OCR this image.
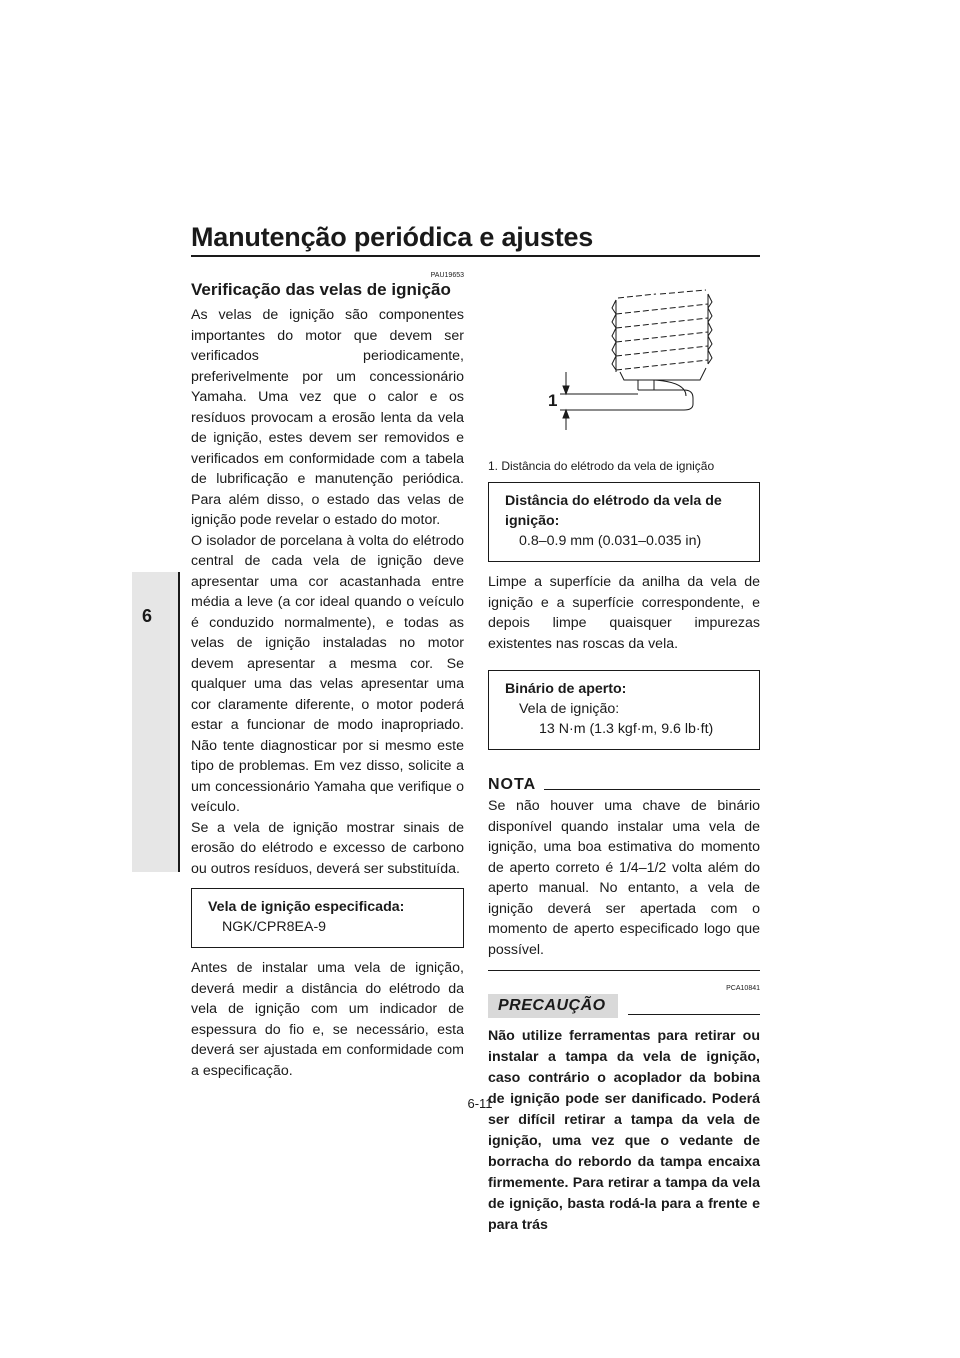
Manutenção periódica e ajustes
6

PAU19653

Verificação das velas de ignição

As velas de ignição são componentes importantes do motor que devem ser verificados periodicamente, preferivelmente por um concessionário Yamaha. Uma vez que o calor e os resíduos provocam a erosão lenta da vela de ignição, estes devem ser removidos e verificados em conformidade com a tabela de lubrificação e manutenção periódica. Para além disso, o estado das velas de ignição pode revelar o estado do motor.

O isolador de porcelana à volta do elétrodo central de cada vela de ignição deve apresentar uma cor acastanhada entre média a leve (a cor ideal quando o veículo é conduzido normalmente), e todas as velas de ignição instaladas no motor devem apresentar a mesma cor. Se qualquer uma das velas apresentar uma cor claramente diferente, o motor poderá estar a funcionar de modo inapropriado. Não tente diagnosticar por si mesmo este tipo de problemas. Em vez disso, solicite a um concessionário Yamaha que verifique o veículo.

Se a vela de ignição mostrar sinais de erosão do elétrodo e excesso de carbono ou outros resíduos, deverá ser substituída.

Vela de ignição especificada:
NGK/CPR8EA-9

Antes de instalar uma vela de ignição, deverá medir a distância do elétrodo da vela de ignição com um indicador de espessura do fio e, se necessário, esta deverá ser ajustada em conformidade com a especificação.

1

1. Distância do elétrodo da vela de ignição

Distância do elétrodo da vela de ignição:
0.8–0.9 mm (0.031–0.035 in)

Limpe a superfície da anilha da vela de ignição e a superfície correspondente, e depois limpe quaisquer impurezas existentes nas roscas da vela.

Binário de aperto:
Vela de ignição:
13 N·m (1.3 kgf·m, 9.6 lb·ft)
NOTA

Se não houver uma chave de binário disponível quando instalar uma vela de ignição, uma boa estimativa do momento de aperto correto é 1/4–1/2 volta além do aperto manual. No entanto, a vela de ignição deverá ser apertada com o momento de aperto especificado logo que possível.

PCA10841

PRECAUÇÃO

Não utilize ferramentas para retirar ou instalar a tampa da vela de ignição, caso contrário o acoplador da bobina de ignição pode ser danificado. Poderá ser difícil retirar a tampa da vela de ignição, uma vez que o vedante de borracha do rebordo da tampa encaixa firmemente. Para retirar a tampa da vela de ignição, basta rodá-la para a frente e para trás

6-11
